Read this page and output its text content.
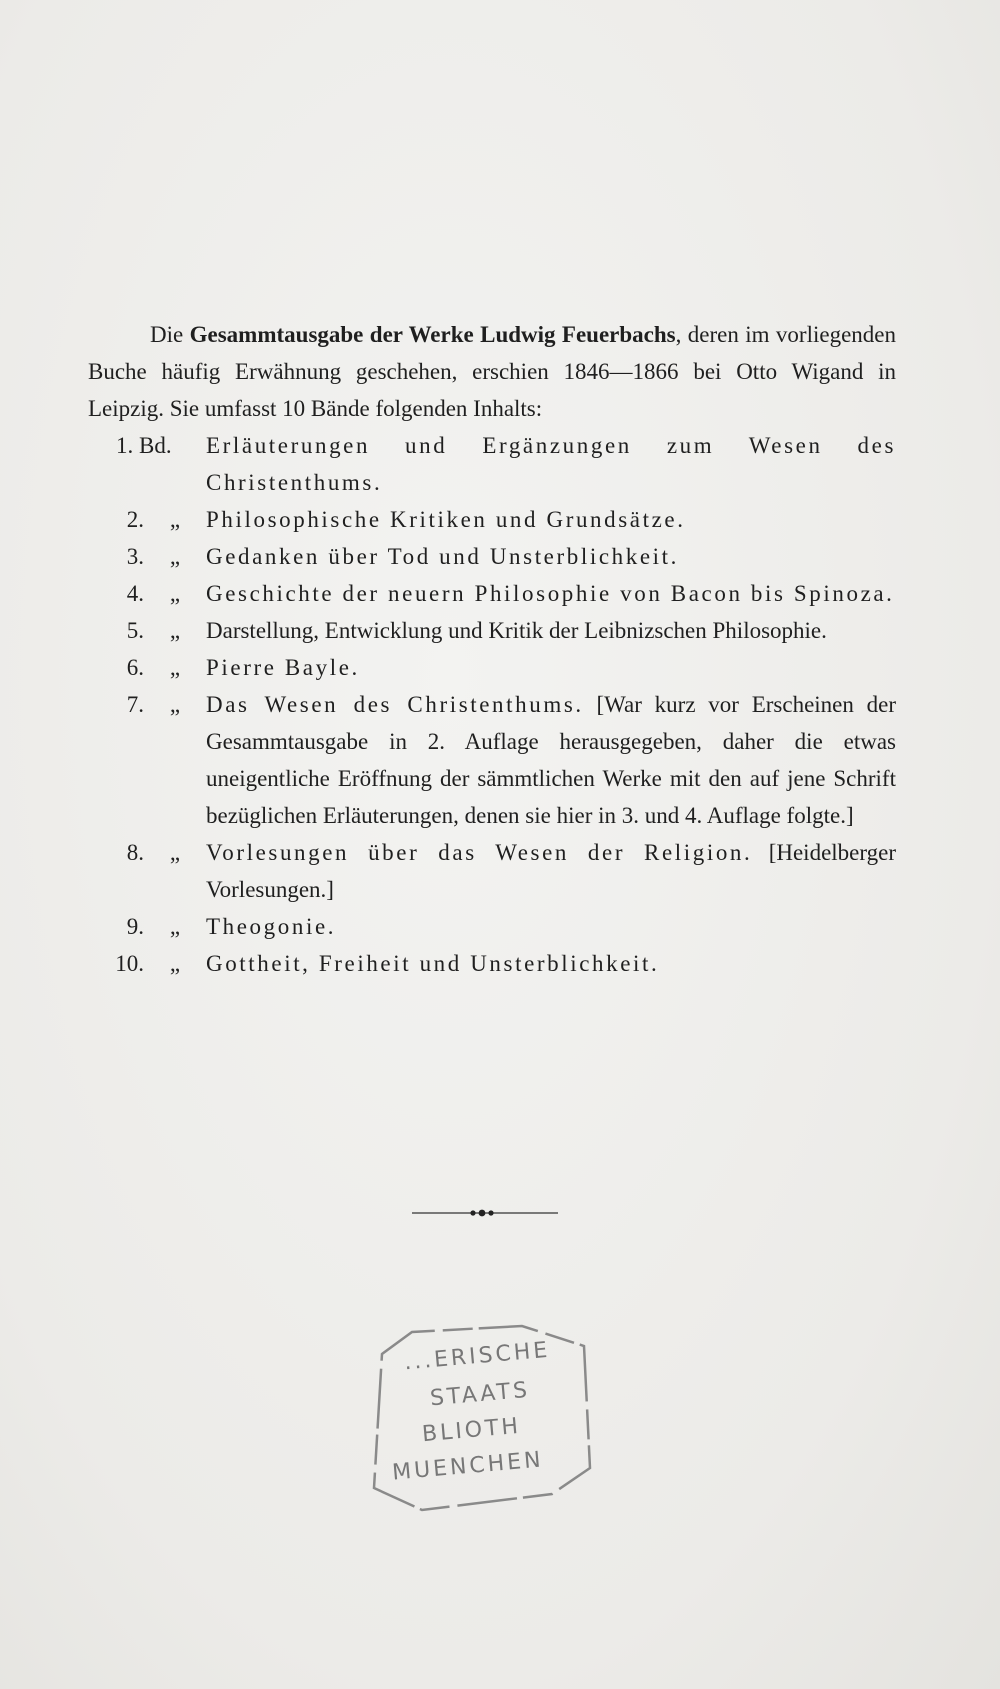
Die Gesammtausgabe der Werke Ludwig Feuerbachs, deren im vorliegenden Buche häufig Erwähnung geschehen, erschien 1846—1866 bei Otto Wigand in Leipzig. Sie umfasst 10 Bände folgenden Inhalts:

1. Bd.	Erläuterungen und Ergänzungen zum Wesen des Christenthums.
2.	„	Philosophische Kritiken und Grundsätze.
3.	„	Gedanken über Tod und Unsterblichkeit.
4.	„	Geschichte der neuern Philosophie von Bacon bis Spinoza.
5.	„	Darstellung, Entwicklung und Kritik der Leibnizschen Philosophie.
6.	„	Pierre Bayle.
7.	„	Das Wesen des Christenthums. [War kurz vor Erscheinen der Gesammtausgabe in 2. Auflage herausgegeben, daher die etwas uneigentliche Eröffnung der sämmtlichen Werke mit den auf jene Schrift bezüglichen Erläuterungen, denen sie hier in 3. und 4. Auflage folgte.]
8.	„	Vorlesungen über das Wesen der Religion. [Heidelberger Vorlesungen.]
9.	„	Theogonie.
10.	„	Gottheit, Freiheit und Unsterblichkeit.
...ERISCHE
STAATS
BLIOTH
MUENCHEN
